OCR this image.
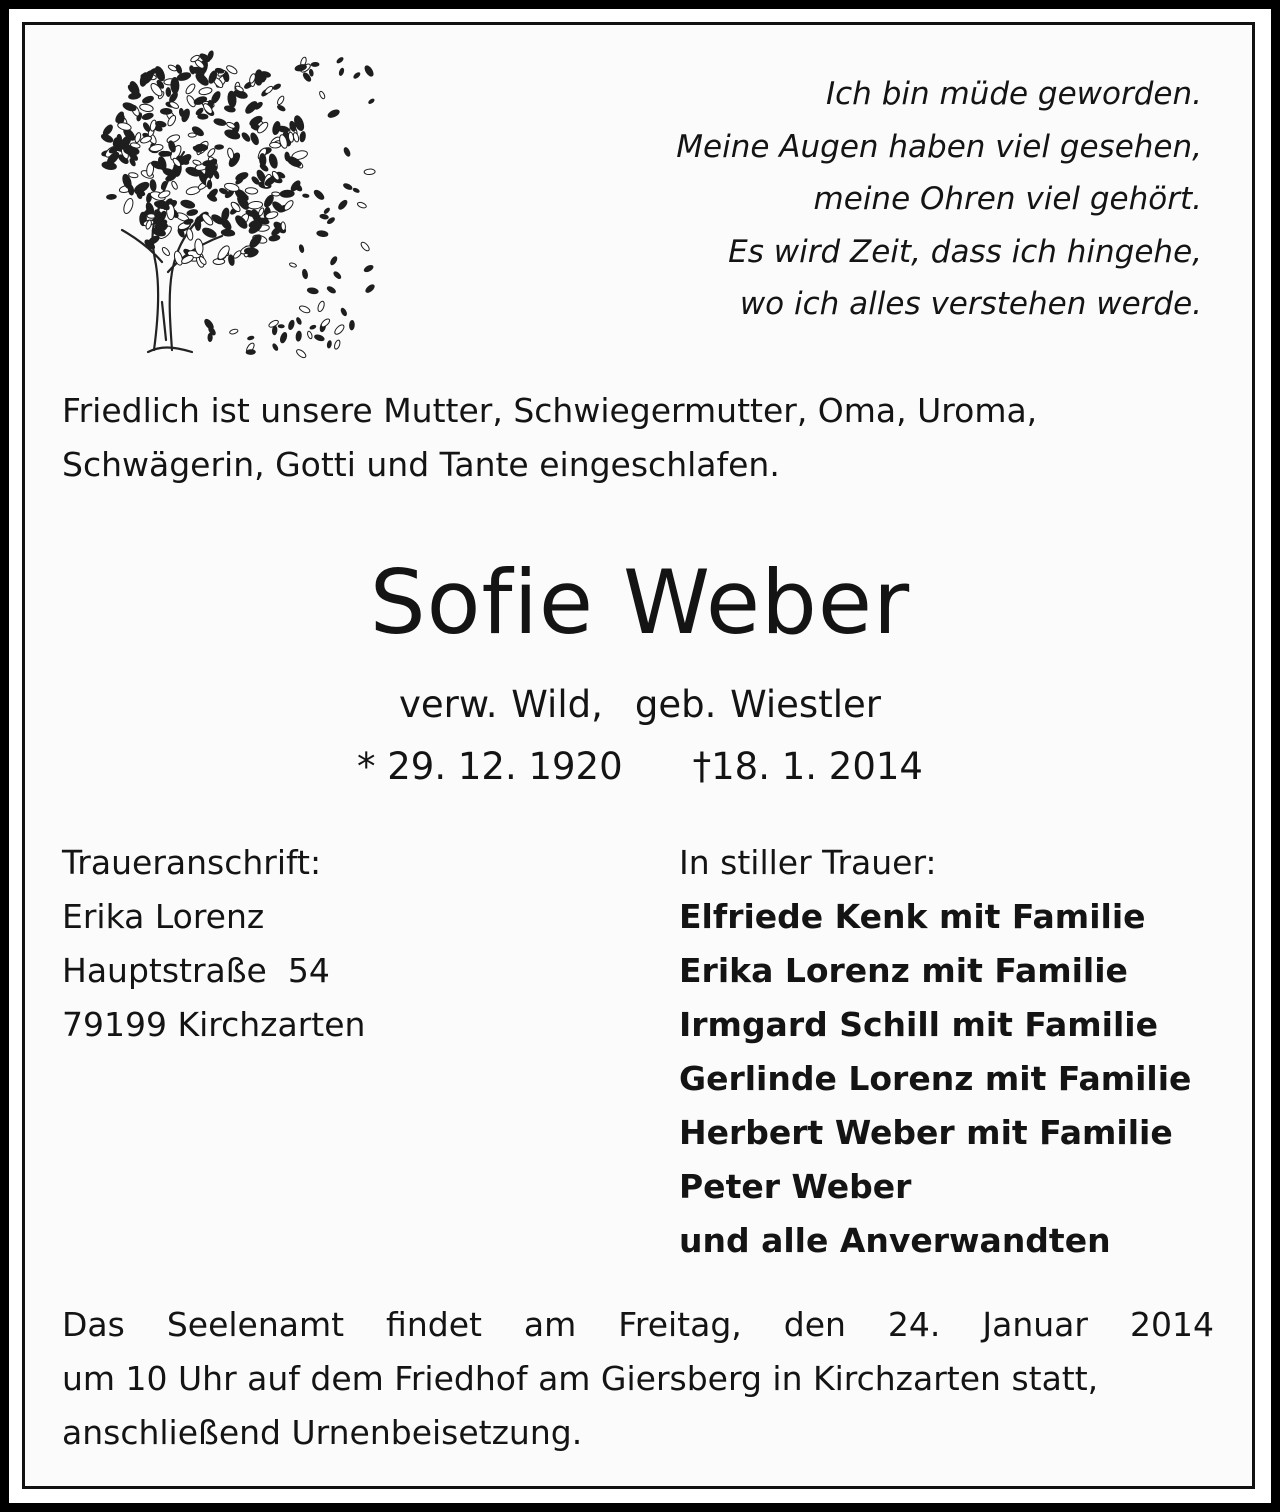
Ich bin müde geworden.
Meine Augen haben viel gesehen,
meine Ohren viel gehört.
Es wird Zeit, dass ich hingehe,
wo ich alles verstehen werde.
Friedlich ist unsere Mutter, Schwiegermutter, Oma, Uroma,
Schwägerin, Gotti und Tante eingeschlafen.
Sofie Weber
verw. Wild, geb. Wiestler
* 29. 12. 1920 †18. 1. 2014
Traueranschrift:
Erika Lorenz
Hauptstraße  54
79199 Kirchzarten
In stiller Trauer:
Elfriede Kenk mit Familie
Erika Lorenz mit Familie
Irmgard Schill mit Familie
Gerlinde Lorenz mit Familie
Herbert Weber mit Familie
Peter Weber
und alle Anverwandten
Das Seelenamt findet am Freitag, den 24. Januar 2014
um 10 Uhr auf dem Friedhof am Giersberg in Kirchzarten statt,
anschließend Urnenbeisetzung.
